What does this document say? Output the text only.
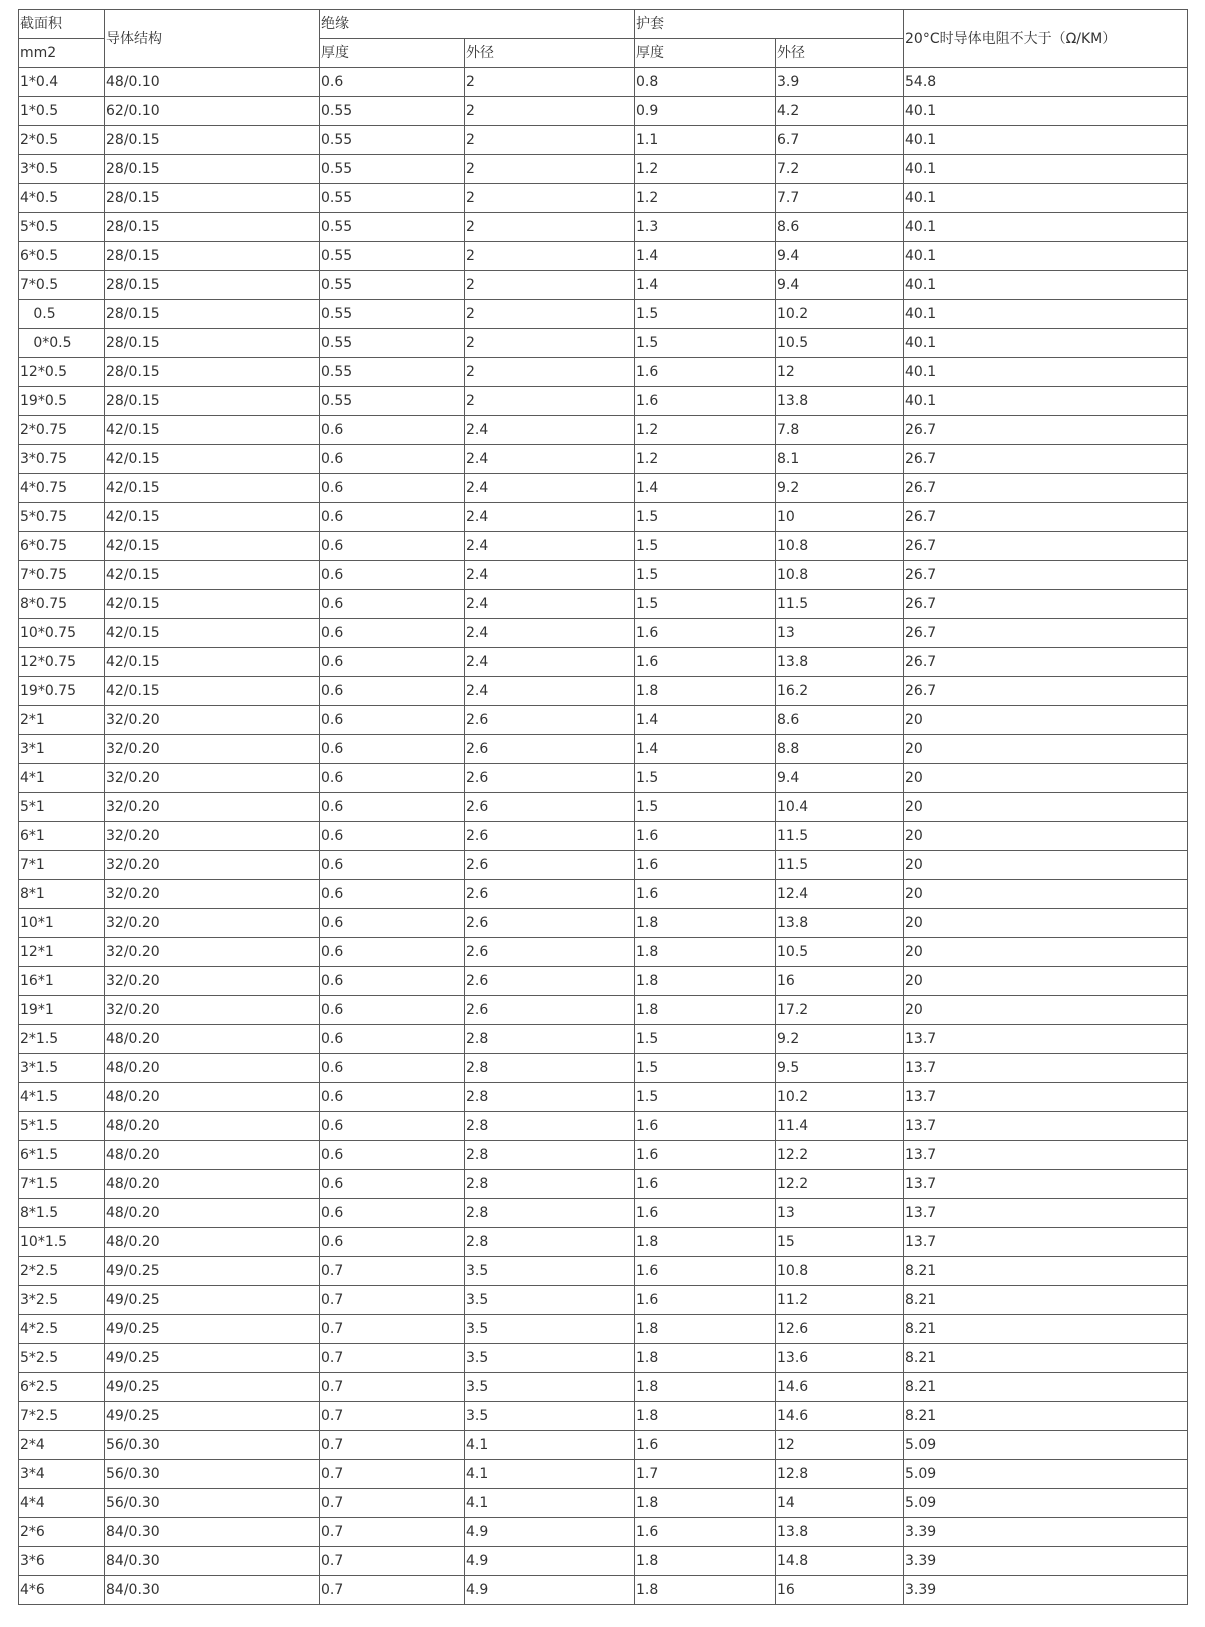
截面积	导体结构	绝缘		护套		20°C时导体电阻不大于（Ω/KM）
mm2		厚度	外径	厚度	外径	
1*0.4	48/0.10	0.6	2	0.8	3.9	54.8
1*0.5	62/0.10	0.55	2	0.9	4.2	40.1
2*0.5	28/0.15	0.55	2	1.1	6.7	40.1
3*0.5	28/0.15	0.55	2	1.2	7.2	40.1
4*0.5	28/0.15	0.55	2	1.2	7.7	40.1
5*0.5	28/0.15	0.55	2	1.3	8.6	40.1
6*0.5	28/0.15	0.55	2	1.4	9.4	40.1
7*0.5	28/0.15	0.55	2	1.4	9.4	40.1
0.5	28/0.15	0.55	2	1.5	10.2	40.1
0*0.5	28/0.15	0.55	2	1.5	10.5	40.1
12*0.5	28/0.15	0.55	2	1.6	12	40.1
19*0.5	28/0.15	0.55	2	1.6	13.8	40.1
2*0.75	42/0.15	0.6	2.4	1.2	7.8	26.7
3*0.75	42/0.15	0.6	2.4	1.2	8.1	26.7
4*0.75	42/0.15	0.6	2.4	1.4	9.2	26.7
5*0.75	42/0.15	0.6	2.4	1.5	10	26.7
6*0.75	42/0.15	0.6	2.4	1.5	10.8	26.7
7*0.75	42/0.15	0.6	2.4	1.5	10.8	26.7
8*0.75	42/0.15	0.6	2.4	1.5	11.5	26.7
10*0.75	42/0.15	0.6	2.4	1.6	13	26.7
12*0.75	42/0.15	0.6	2.4	1.6	13.8	26.7
19*0.75	42/0.15	0.6	2.4	1.8	16.2	26.7
2*1	32/0.20	0.6	2.6	1.4	8.6	20
3*1	32/0.20	0.6	2.6	1.4	8.8	20
4*1	32/0.20	0.6	2.6	1.5	9.4	20
5*1	32/0.20	0.6	2.6	1.5	10.4	20
6*1	32/0.20	0.6	2.6	1.6	11.5	20
7*1	32/0.20	0.6	2.6	1.6	11.5	20
8*1	32/0.20	0.6	2.6	1.6	12.4	20
10*1	32/0.20	0.6	2.6	1.8	13.8	20
12*1	32/0.20	0.6	2.6	1.8	10.5	20
16*1	32/0.20	0.6	2.6	1.8	16	20
19*1	32/0.20	0.6	2.6	1.8	17.2	20
2*1.5	48/0.20	0.6	2.8	1.5	9.2	13.7
3*1.5	48/0.20	0.6	2.8	1.5	9.5	13.7
4*1.5	48/0.20	0.6	2.8	1.5	10.2	13.7
5*1.5	48/0.20	0.6	2.8	1.6	11.4	13.7
6*1.5	48/0.20	0.6	2.8	1.6	12.2	13.7
7*1.5	48/0.20	0.6	2.8	1.6	12.2	13.7
8*1.5	48/0.20	0.6	2.8	1.6	13	13.7
10*1.5	48/0.20	0.6	2.8	1.8	15	13.7
2*2.5	49/0.25	0.7	3.5	1.6	10.8	8.21
3*2.5	49/0.25	0.7	3.5	1.6	11.2	8.21
4*2.5	49/0.25	0.7	3.5	1.8	12.6	8.21
5*2.5	49/0.25	0.7	3.5	1.8	13.6	8.21
6*2.5	49/0.25	0.7	3.5	1.8	14.6	8.21
7*2.5	49/0.25	0.7	3.5	1.8	14.6	8.21
2*4	56/0.30	0.7	4.1	1.6	12	5.09
3*4	56/0.30	0.7	4.1	1.7	12.8	5.09
4*4	56/0.30	0.7	4.1	1.8	14	5.09
2*6	84/0.30	0.7	4.9	1.6	13.8	3.39
3*6	84/0.30	0.7	4.9	1.8	14.8	3.39
4*6	84/0.30	0.7	4.9	1.8	16	3.39
